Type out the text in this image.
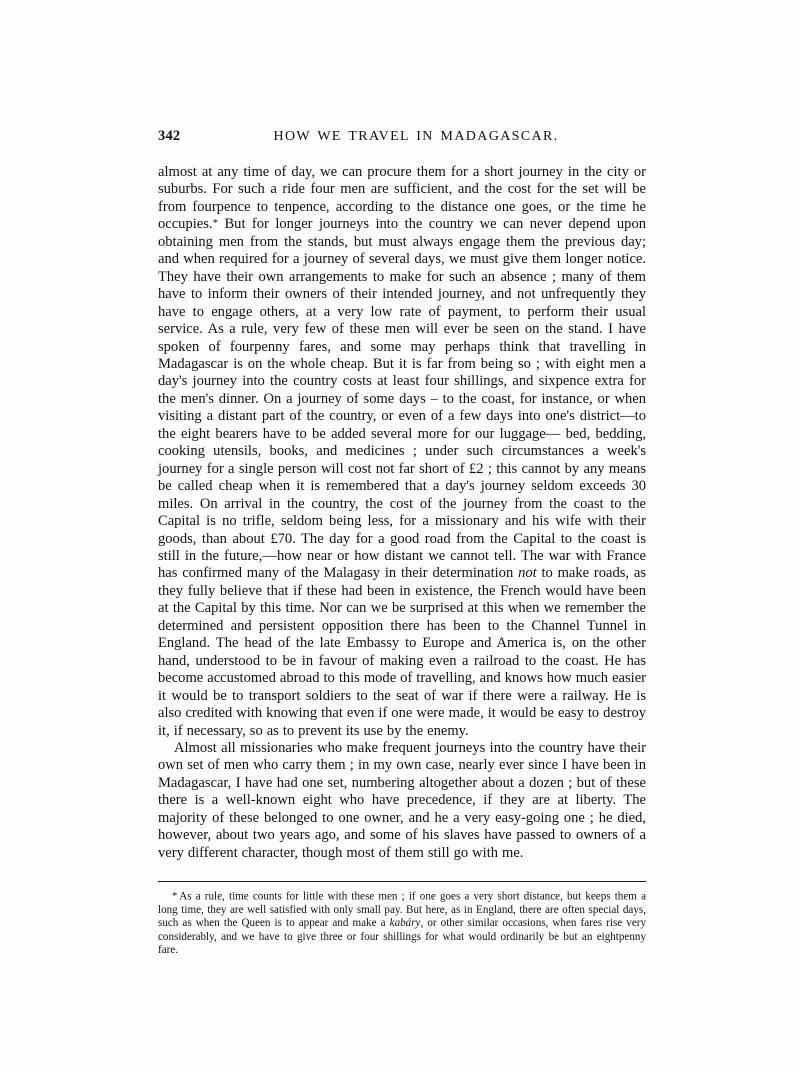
342	HOW WE TRAVEL IN MADAGASCAR.

almost at any time of day, we can procure them for a short journey in the city or suburbs. For such a ride four men are sufficient, and the cost for the set will be from fourpence to tenpence, according to the distance one goes, or the time he occupies.* But for longer journeys into the country we can never depend upon obtaining men from the stands, but must always engage them the previous day; and when required for a journey of several days, we must give them longer notice. They have their own arrangements to make for such an absence ; many of them have to inform their owners of their intended journey, and not unfrequently they have to engage others, at a very low rate of payment, to perform their usual service. As a rule, very few of these men will ever be seen on the stand. I have spoken of fourpenny fares, and some may perhaps think that travelling in Madagascar is on the whole cheap. But it is far from being so ; with eight men a day's journey into the country costs at least four shillings, and sixpence extra for the men's dinner. On a journey of some days – to the coast, for instance, or when visiting a distant part of the country, or even of a few days into one's district—to the eight bearers have to be added several more for our luggage— bed, bedding, cooking utensils, books, and medicines ; under such circumstances a week's journey for a single person will cost not far short of £2 ; this cannot by any means be called cheap when it is remembered that a day's journey seldom exceeds 30 miles. On arrival in the country, the cost of the journey from the coast to the Capital is no trifle, seldom being less, for a missionary and his wife with their goods, than about £70. The day for a good road from the Capital to the coast is still in the future,—how near or how distant we cannot tell. The war with France has confirmed many of the Malagasy in their determination not to make roads, as they fully believe that if these had been in existence, the French would have been at the Capital by this time. Nor can we be surprised at this when we remember the determined and persistent opposition there has been to the Channel Tunnel in England. The head of the late Embassy to Europe and America is, on the other hand, understood to be in favour of making even a railroad to the coast. He has become accustomed abroad to this mode of travelling, and knows how much easier it would be to transport soldiers to the seat of war if there were a railway. He is also credited with knowing that even if one were made, it would be easy to destroy it, if necessary, so as to prevent its use by the enemy.

Almost all missionaries who make frequent journeys into the country have their own set of men who carry them ; in my own case, nearly ever since I have been in Madagascar, I have had one set, numbering altogether about a dozen ; but of these there is a well-known eight who have precedence, if they are at liberty. The majority of these belonged to one owner, and he a very easy-going one ; he died, however, about two years ago, and some of his slaves have passed to owners of a very different character, though most of them still go with me.

* As a rule, time counts for little with these men ; if one goes a very short distance, but keeps them a long time, they are well satisfied with only small pay. But here, as in England, there are often special days, such as when the Queen is to appear and make a kabáry, or other similar occasions, when fares rise very considerably, and we have to give three or four shillings for what would ordinarily be but an eightpenny fare.
